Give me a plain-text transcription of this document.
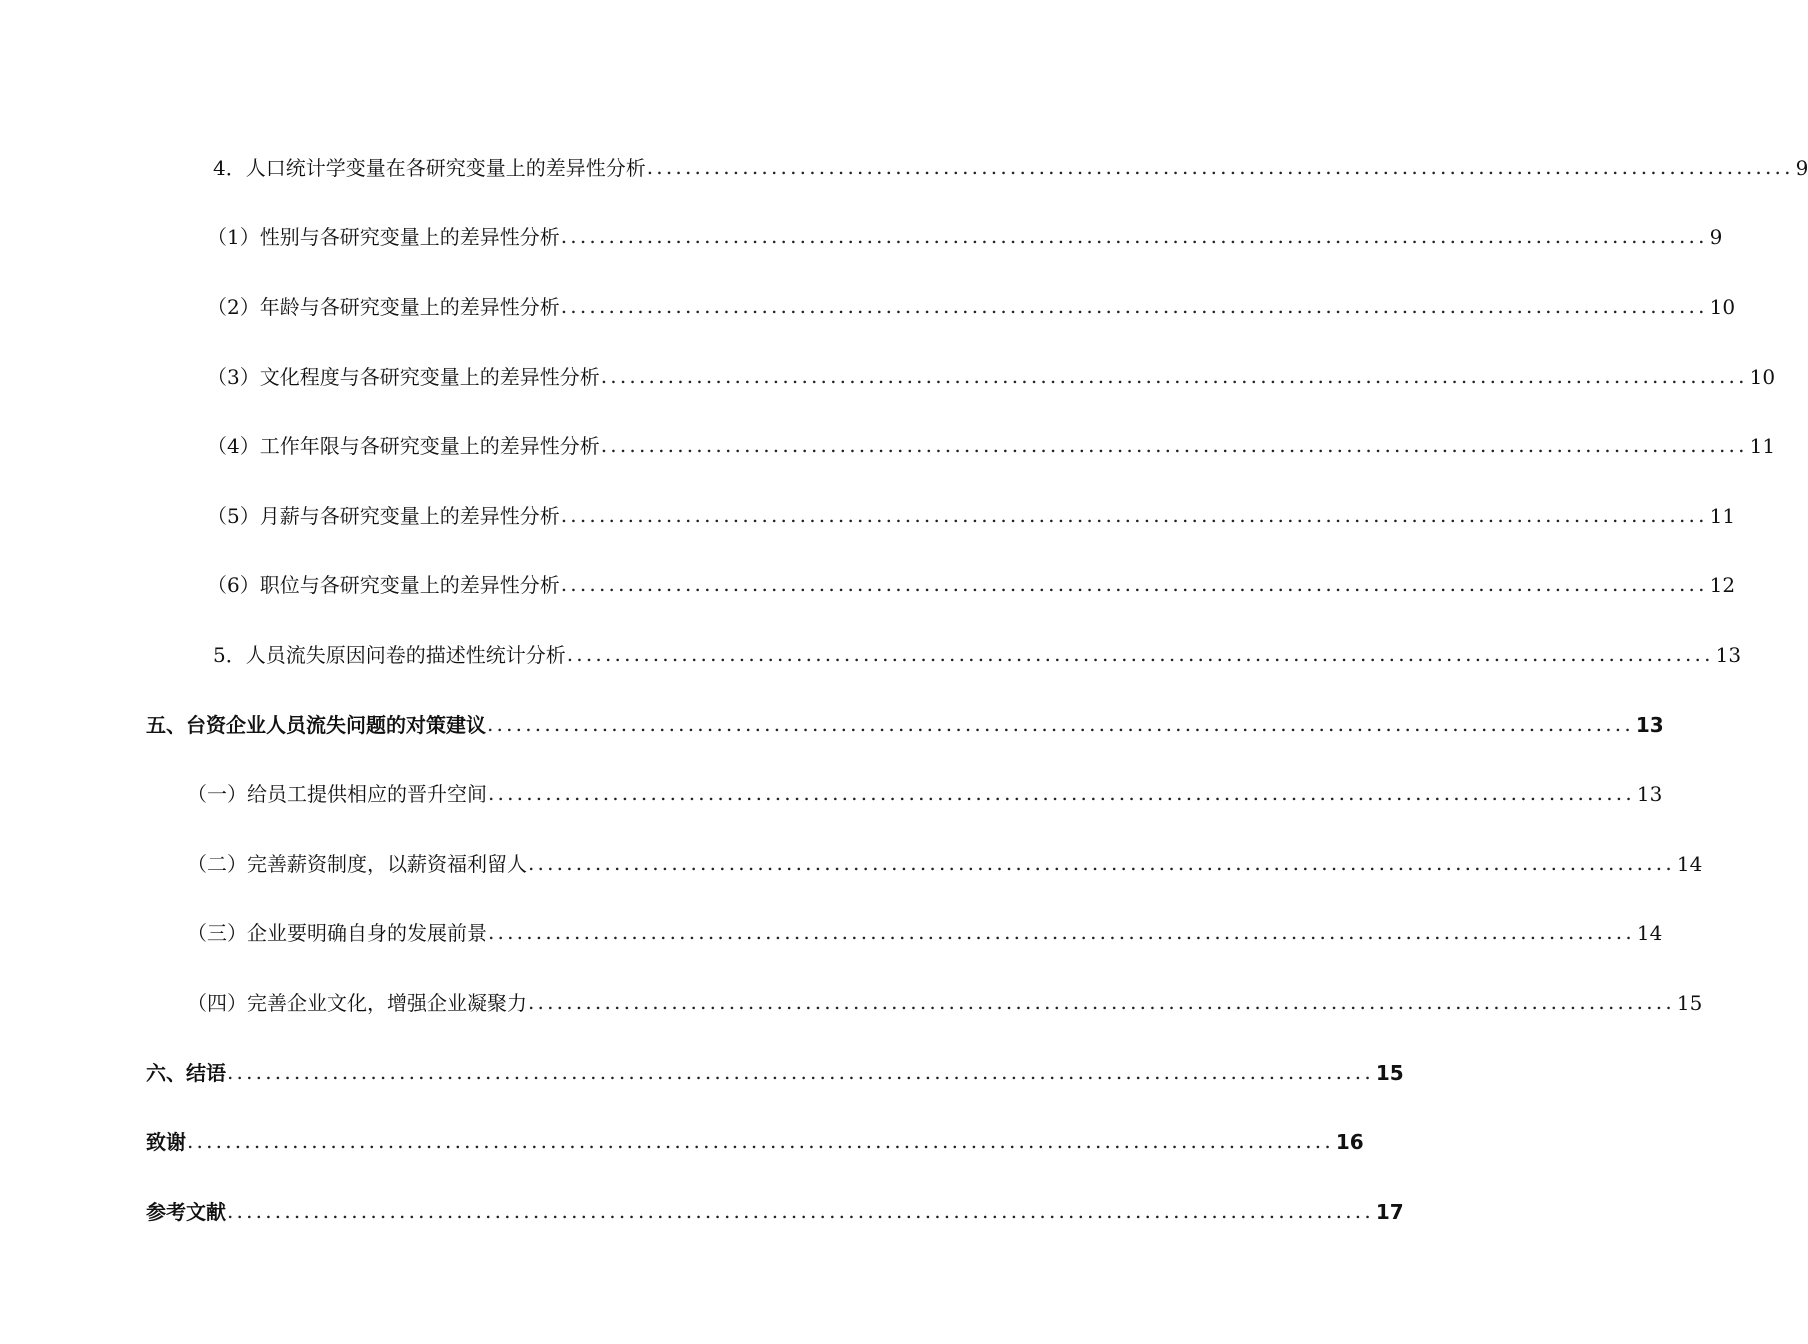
4．人口统计学变量在各研究变量上的差异性分析 ........................................................................................................................ 9
（1）性别与各研究变量上的差异性分析 ........................................................................................................................ 9
（2）年龄与各研究变量上的差异性分析 ........................................................................................................................ 10
（3）文化程度与各研究变量上的差异性分析 ........................................................................................................................ 10
（4）工作年限与各研究变量上的差异性分析 ........................................................................................................................ 11
（5）月薪与各研究变量上的差异性分析 ........................................................................................................................ 11
（6）职位与各研究变量上的差异性分析 ........................................................................................................................ 12
5．人员流失原因问卷的描述性统计分析 ........................................................................................................................ 13
五、台资企业人员流失问题的对策建议 ........................................................................................................................ 13
（一）给员工提供相应的晋升空间 ........................................................................................................................ 13
（二）完善薪资制度，以薪资福利留人 ........................................................................................................................ 14
（三）企业要明确自身的发展前景 ........................................................................................................................ 14
（四）完善企业文化，增强企业凝聚力 ........................................................................................................................ 15
六、结语 ........................................................................................................................ 15
致谢 ........................................................................................................................ 16
参考文献 ........................................................................................................................ 17
